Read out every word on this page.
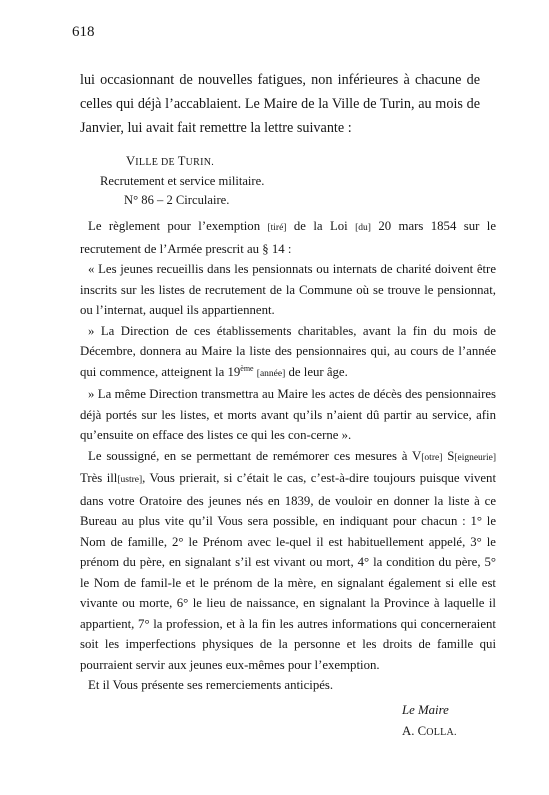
618
lui occasionnant de nouvelles fatigues, non inférieures à chacune de celles qui déjà l’accablaient. Le Maire de la Ville de Turin, au mois de Janvier, lui avait fait remettre la lettre suivante :
VILLE DE TURIN.
Recrutement et service militaire.
N° 86 – 2 Circulaire.

Le règlement pour l’exemption [tiré] de la Loi [du] 20 mars 1854 sur le recrutement de l’Armée prescrit au § 14 :

« Les jeunes recueillis dans les pensionnats ou internats de charité doivent être inscrits sur les listes de recrutement de la Commune où se trouve le pensionnat, ou l’internat, auquel ils appartiennent.

» La Direction de ces établissements charitables, avant la fin du mois de Décembre, donnera au Maire la liste des pensionnaires qui, au cours de l’année qui commence, atteignent la 19ème [année] de leur âge.

» La même Direction transmettra au Maire les actes de décès des pensionnaires déjà portés sur les listes, et morts avant qu’ils n’aient dû partir au service, afin qu’ensuite on efface des listes ce qui les con-cerne ».

Le soussigné, en se permettant de remémorer ces mesures à V[otre] S[eigneurie] Très ill[ustre], Vous prierait, si c’était le cas, c’est-à-dire toujours puisque vivent dans votre Oratoire des jeunes nés en 1839, de vouloir en donner la liste à ce Bureau au plus vite qu’il Vous sera possible, en indiquant pour chacun : 1° le Nom de famille, 2° le Prénom avec le-quel il est habituellement appelé, 3° le prénom du père, en signalant s’il est vivant ou mort, 4° la condition du père, 5° le Nom de famil-le et le prénom de la mère, en signalant également si elle est vivante ou morte, 6° le lieu de naissance, en signalant la Province à laquelle il appartient, 7° la profession, et à la fin les autres informations qui concerneraient soit les imperfections physiques de la personne et les droits de famille qui pourraient servir aux jeunes eux-mêmes pour l’exemption.

Et il Vous présente ses remerciements anticipés.

Le Maire
A. COLLA.
